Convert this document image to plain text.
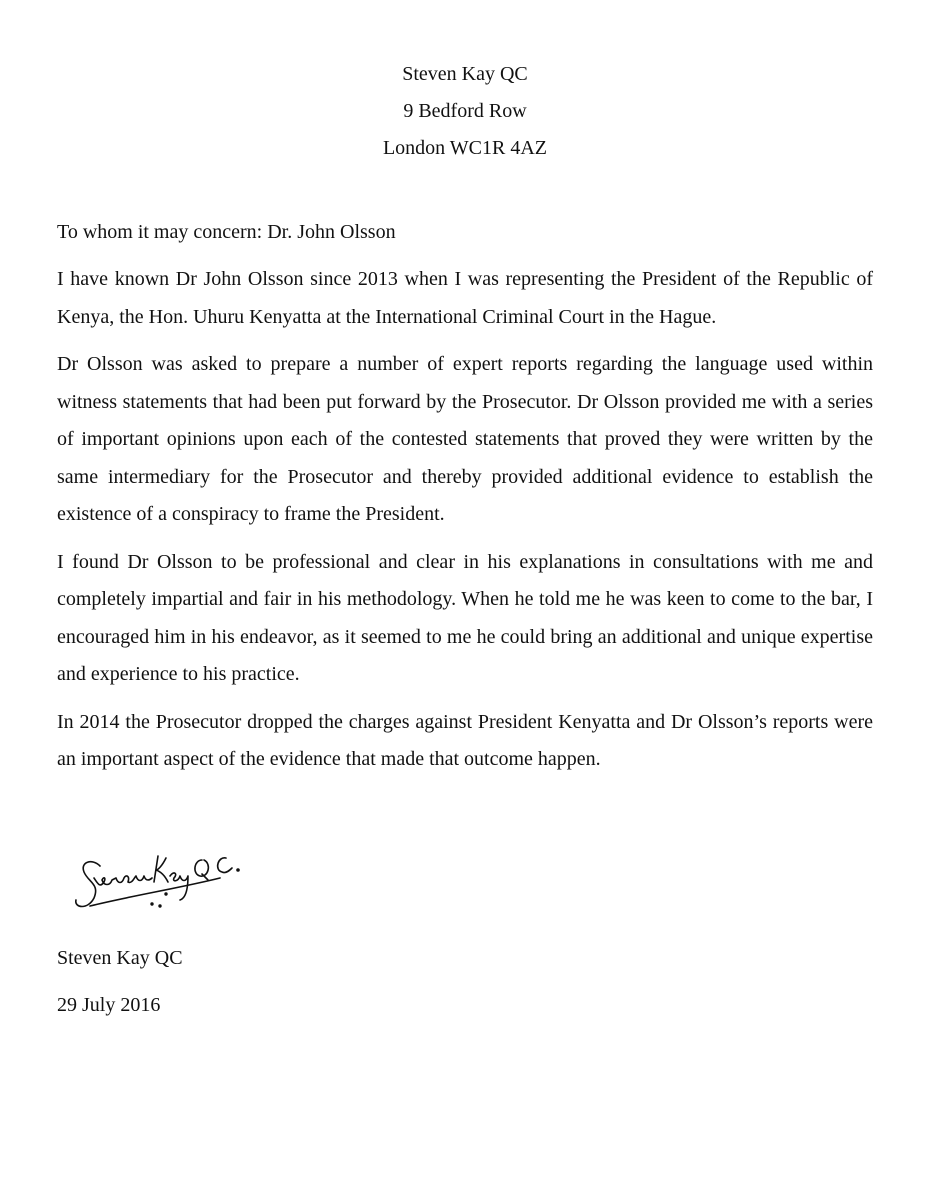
Steven Kay QC
9 Bedford Row
London WC1R 4AZ
To whom it may concern: Dr. John Olsson

I have known Dr John Olsson since 2013 when I was representing the President of the Republic of Kenya, the Hon. Uhuru Kenyatta at the International Criminal Court in the Hague.

Dr Olsson was asked to prepare a number of expert reports regarding the language used within witness statements that had been put forward by the Prosecutor. Dr Olsson provided me with a series of important opinions upon each of the contested statements that proved they were written by the same intermediary for the Prosecutor and thereby provided additional evidence to establish the existence of a conspiracy to frame the President.

I found Dr Olsson to be professional and clear in his explanations in consultations with me and completely impartial and fair in his methodology. When he told me he was keen to come to the bar, I encouraged him in his endeavor, as it seemed to me he could bring an additional and unique expertise and experience to his practice.

In 2014 the Prosecutor dropped the charges against President Kenyatta and Dr Olsson’s reports were an important aspect of the evidence that made that outcome happen.

Steven Kay QC
29 July 2016
